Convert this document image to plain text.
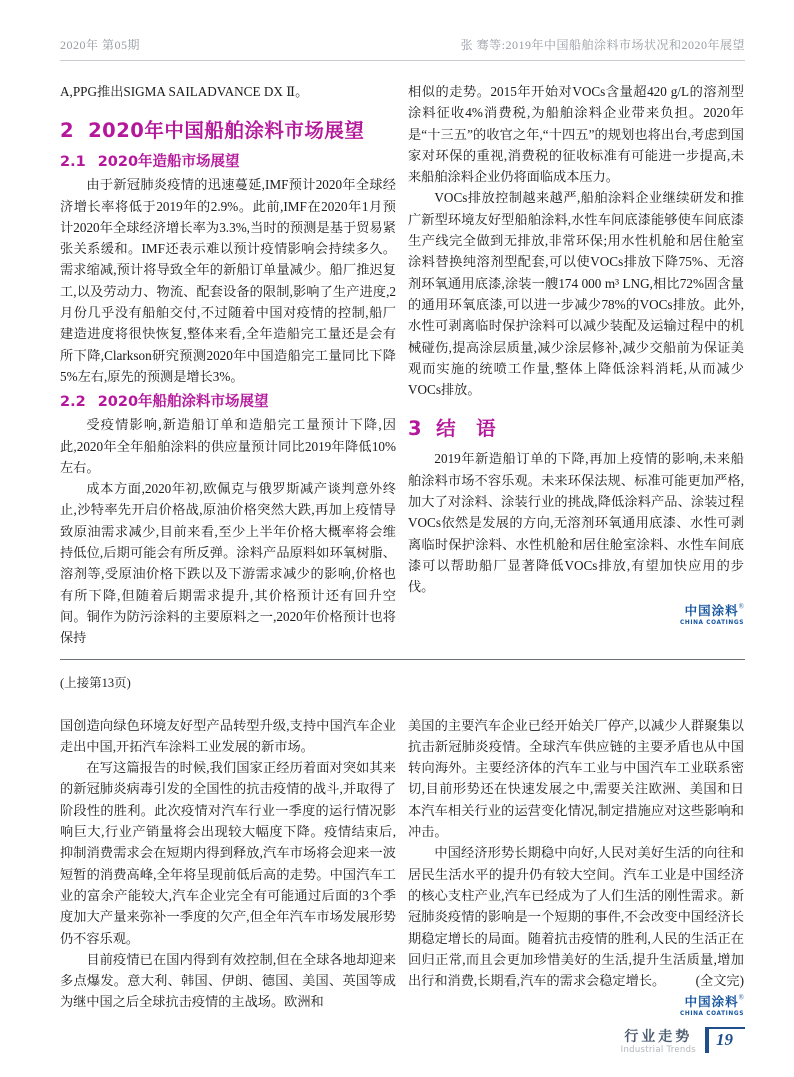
2020年 第05期	张 骞等:2019年中国船舶涂料市场状况和2020年展望

A,PPG推出SIGMA SAILADVANCE DX Ⅱ。

2 2020年中国船舶涂料市场展望
2.1 2020年造船市场展望

由于新冠肺炎疫情的迅速蔓延,IMF预计2020年全球经济增长率将低于2019年的2.9%。此前,IMF在2020年1月预计2020年全球经济增长率为3.3%,当时的预测是基于贸易紧张关系缓和。IMF还表示难以预计疫情影响会持续多久。需求缩减,预计将导致全年的新船订单量减少。船厂推迟复工,以及劳动力、物流、配套设备的限制,影响了生产进度,2月份几乎没有船舶交付,不过随着中国对疫情的控制,船厂建造进度将很快恢复,整体来看,全年造船完工量还是会有所下降,Clarkson研究预测2020年中国造船完工量同比下降5%左右,原先的预测是增长3%。

2.2 2020年船舶涂料市场展望

受疫情影响,新造船订单和造船完工量预计下降,因此,2020年全年船舶涂料的供应量预计同比2019年降低10%左右。

成本方面,2020年初,欧佩克与俄罗斯减产谈判意外终止,沙特率先开启价格战,原油价格突然大跌,再加上疫情导致原油需求减少,目前来看,至少上半年价格大概率将会维持低位,后期可能会有所反弹。涂料产品原料如环氧树脂、溶剂等,受原油价格下跌以及下游需求减少的影响,价格也有所下降,但随着后期需求提升,其价格预计还有回升空间。铜作为防污涂料的主要原料之一,2020年价格预计也将保持

相似的走势。2015年开始对VOCs含量超420 g/L的溶剂型涂料征收4%消费税,为船舶涂料企业带来负担。2020年是“十三五”的收官之年,“十四五”的规划也将出台,考虑到国家对环保的重视,消费税的征收标准有可能进一步提高,未来船舶涂料企业仍将面临成本压力。

VOCs排放控制越来越严,船舶涂料企业继续研发和推广新型环境友好型船舶涂料,水性车间底漆能够使车间底漆生产线完全做到无排放,非常环保;用水性机舱和居住舱室涂料替换纯溶剂型配套,可以使VOCs排放下降75%、无溶剂环氧通用底漆,涂装一艘174 000 m³ LNG,相比72%固含量的通用环氧底漆,可以进一步减少78%的VOCs排放。此外,水性可剥离临时保护涂料可以减少装配及运输过程中的机械碰伤,提高涂层质量,减少涂层修补,减少交船前为保证美观而实施的统喷工作量,整体上降低涂料消耗,从而减少VOCs排放。

3 结　语

2019年新造船订单的下降,再加上疫情的影响,未来船舶涂料市场不容乐观。未来环保法规、标准可能更加严格,加大了对涂料、涂装行业的挑战,降低涂料产品、涂装过程VOCs依然是发展的方向,无溶剂环氧通用底漆、水性可剥离临时保护涂料、水性机舱和居住舱室涂料、水性车间底漆可以帮助船厂显著降低VOCs排放,有望加快应用的步伐。

中国涂料®
CHINA COATINGS
(上接第13页)

国创造向绿色环境友好型产品转型升级,支持中国汽车企业走出中国,开拓汽车涂料工业发展的新市场。

在写这篇报告的时候,我们国家正经历着面对突如其来的新冠肺炎病毒引发的全国性的抗击疫情的战斗,并取得了阶段性的胜利。此次疫情对汽车行业一季度的运行情况影响巨大,行业产销量将会出现较大幅度下降。疫情结束后,抑制消费需求会在短期内得到释放,汽车市场将会迎来一波短暂的消费高峰,全年将呈现前低后高的走势。中国汽车工业的富余产能较大,汽车企业完全有可能通过后面的3个季度加大产量来弥补一季度的欠产,但全年汽车市场发展形势仍不容乐观。

目前疫情已在国内得到有效控制,但在全球各地却迎来多点爆发。意大利、韩国、伊朗、德国、美国、英国等成为继中国之后全球抗击疫情的主战场。欧洲和

美国的主要汽车企业已经开始关厂停产,以减少人群聚集以抗击新冠肺炎疫情。全球汽车供应链的主要矛盾也从中国转向海外。主要经济体的汽车工业与中国汽车工业联系密切,目前形势还在快速发展之中,需要关注欧洲、美国和日本汽车相关行业的运营变化情况,制定措施应对这些影响和冲击。

中国经济形势长期稳中向好,人民对美好生活的向往和居民生活水平的提升仍有较大空间。汽车工业是中国经济的核心支柱产业,汽车已经成为了人们生活的刚性需求。新冠肺炎疫情的影响是一个短期的事件,不会改变中国经济长期稳定增长的局面。随着抗击疫情的胜利,人民的生活正在回归正常,而且会更加珍惜美好的生活,提升生活质量,增加出行和消费,长期看,汽车的需求会稳定增长。	(全文完)
中国涂料®
CHINA COATINGS
行业走势
Industrial Trends
19
